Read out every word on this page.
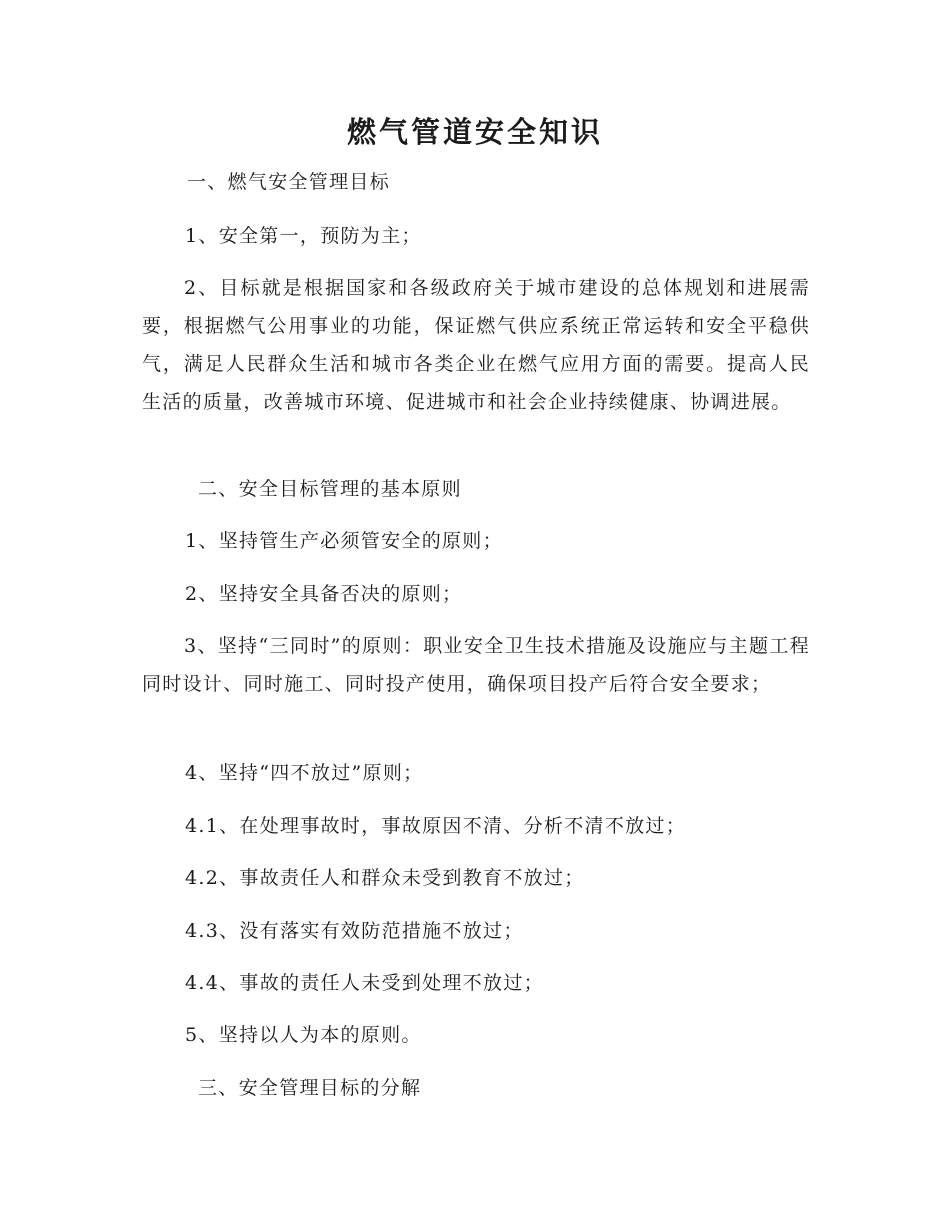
燃气管道安全知识

一、燃气安全管理目标

1、安全第一，预防为主；

2、目标就是根据国家和各级政府关于城市建设的总体规划和进展需要，根据燃气公用事业的功能，保证燃气供应系统正常运转和安全平稳供气，满足人民群众生活和城市各类企业在燃气应用方面的需要。提高人民生活的质量，改善城市环境、促进城市和社会企业持续健康、协调进展。

二、安全目标管理的基本原则

1、坚持管生产必须管安全的原则；

2、坚持安全具备否决的原则；

3、坚持“三同时”的原则：职业安全卫生技术措施及设施应与主题工程同时设计、同时施工、同时投产使用，确保项目投产后符合安全要求；

4、坚持“四不放过”原则；

4.1、在处理事故时，事故原因不清、分析不清不放过；

4.2、事故责任人和群众未受到教育不放过；

4.3、没有落实有效防范措施不放过；

4.4、事故的责任人未受到处理不放过；

5、坚持以人为本的原则。

三、安全管理目标的分解
